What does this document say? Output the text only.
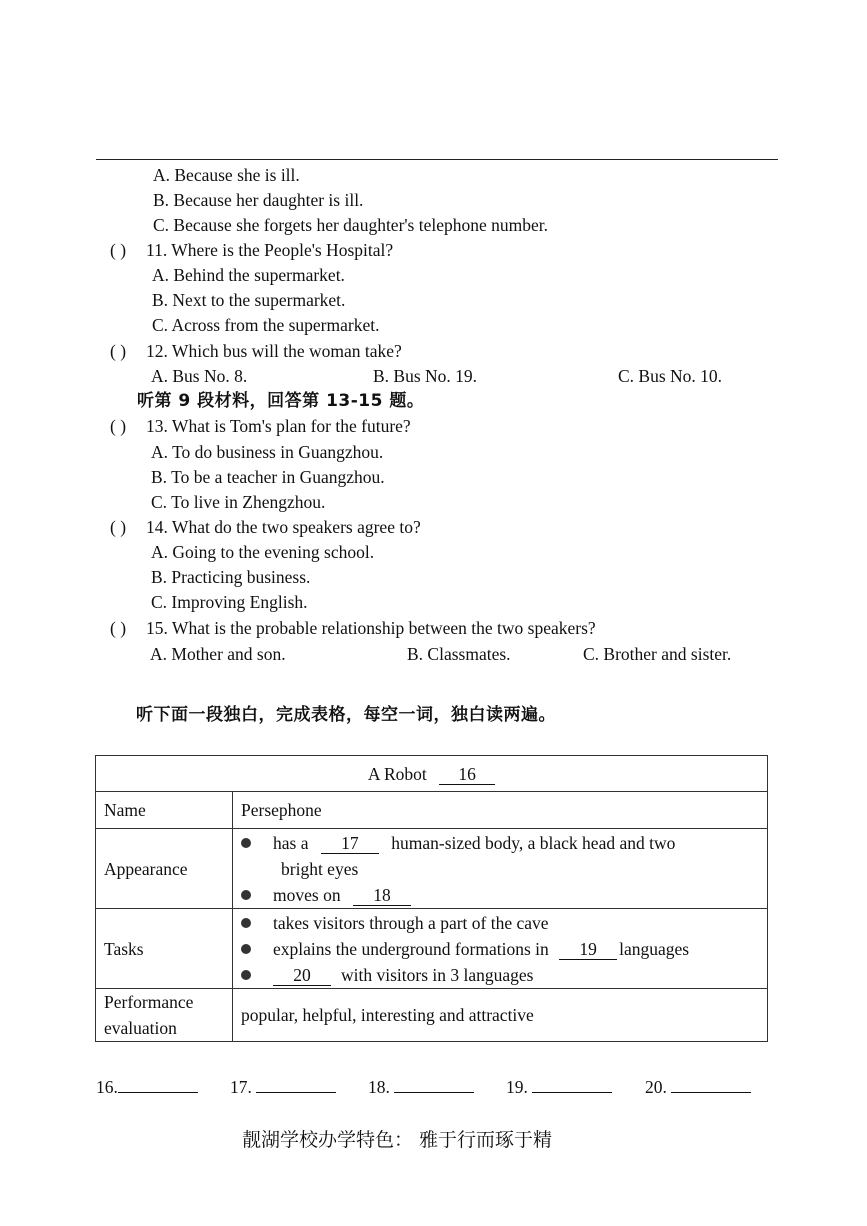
A. Because she is ill.
B. Because her daughter is ill.
C. Because she forgets her daughter's telephone number.
( ) 11. Where is the People's Hospital?
A. Behind the supermarket.
B. Next to the supermarket.
C. Across from the supermarket.
( ) 12. Which bus will the woman take?
A. Bus No. 8.	B. Bus No. 19.	C. Bus No. 10.
听第 9 段材料，回答第 13-15 题。
( ) 13. What is Tom's plan for the future?
A. To do business in Guangzhou.
B. To be a teacher in Guangzhou.
C. To live in Zhengzhou.
( ) 14. What do the two speakers agree to?
A. Going to the evening school.
B. Practicing business.
C. Improving English.
( ) 15. What is the probable relationship between the two speakers?
A. Mother and son.	B. Classmates.	C. Brother and sister.
听下面一段独白，完成表格，每空一词，独白读两遍。
A Robot 16	
Name	Persephone
Appearance	has a 17 human-sized body, a black head and two
bright eyes
moves on 18

Tasks	takes visitors through a part of the cave
explains the underground formations in 19 languages
20 with visitors in 3 languages

Performance
evaluation	popular, helpful, interesting and attractive
16.	17.	18.	19.	20.
靓湖学校办学特色： 雅于行而琢于精
